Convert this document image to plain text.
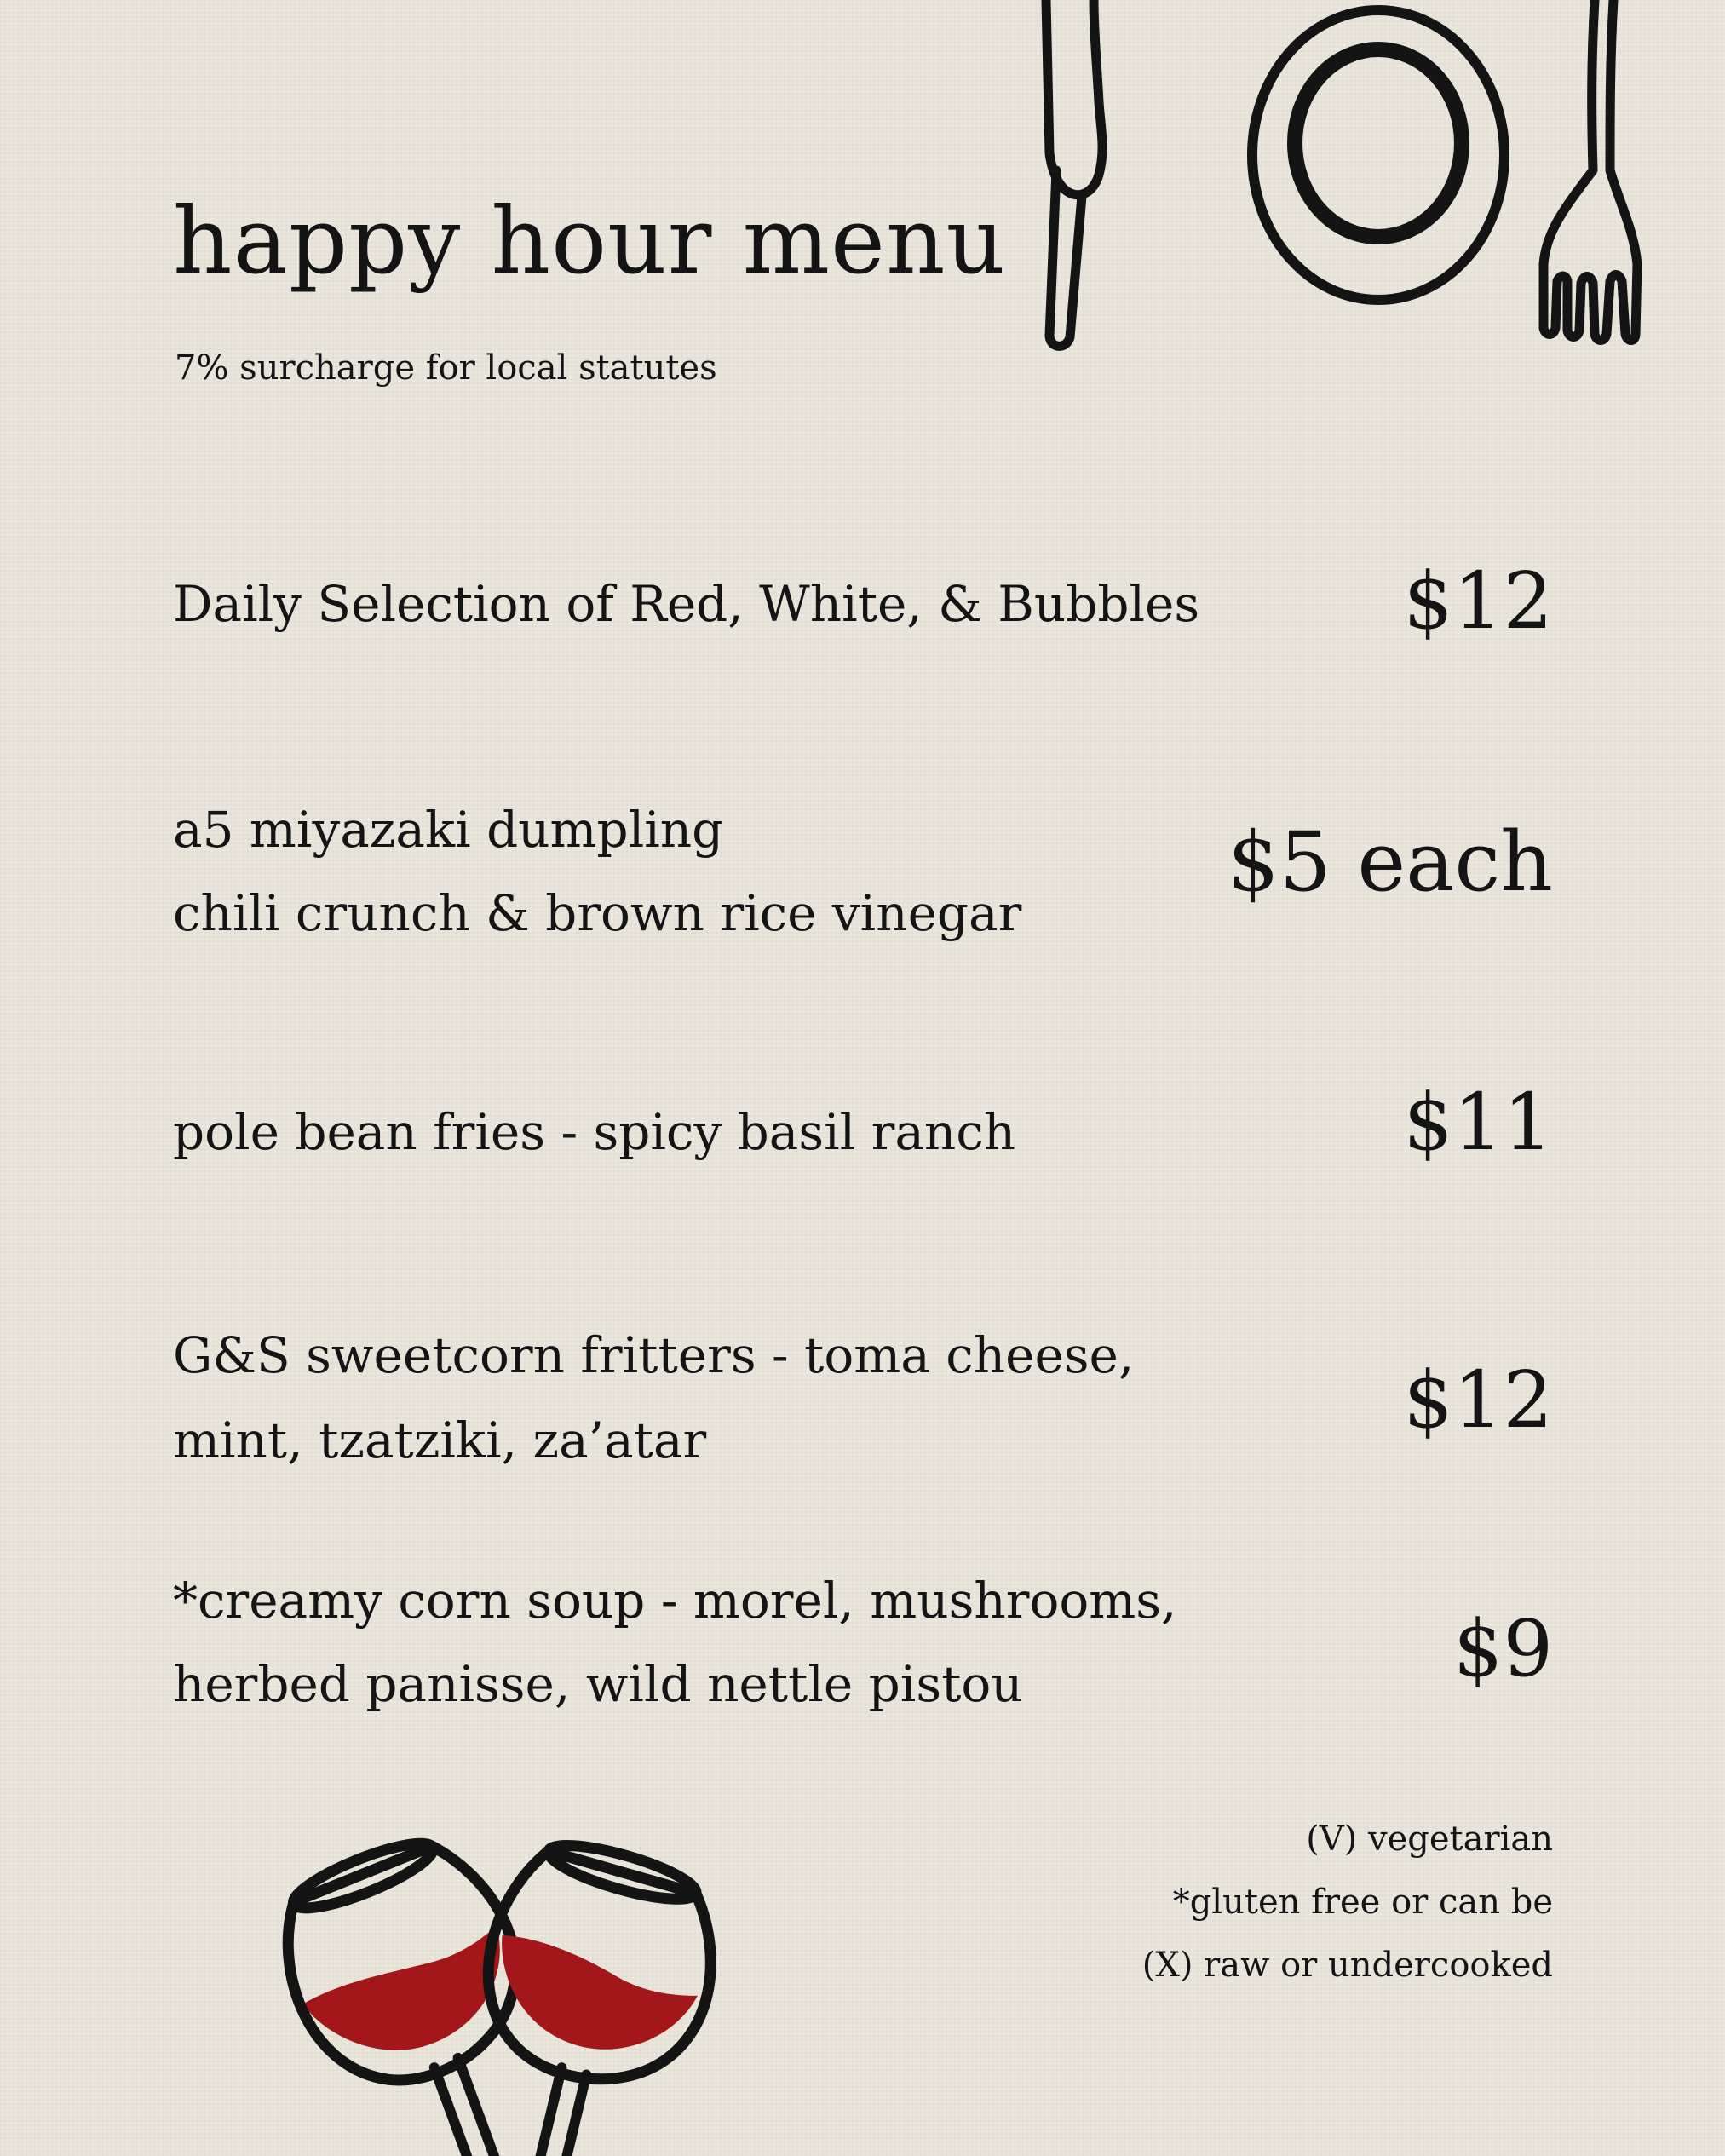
happy hour menu
7% surcharge for local statutes
Daily Selection of Red, White, & Bubbles	$12
a5 miyazaki dumpling
chili crunch & brown rice vinegar
$5 each
pole bean fries - spicy basil ranch	$11
G&S sweetcorn fritters - toma cheese,
mint, tzatziki, za’atar	$12
*creamy corn soup - morel, mushrooms,
herbed panisse, wild nettle pistou	$9
(V) vegetarian
*gluten free or can be
(X) raw or undercooked
